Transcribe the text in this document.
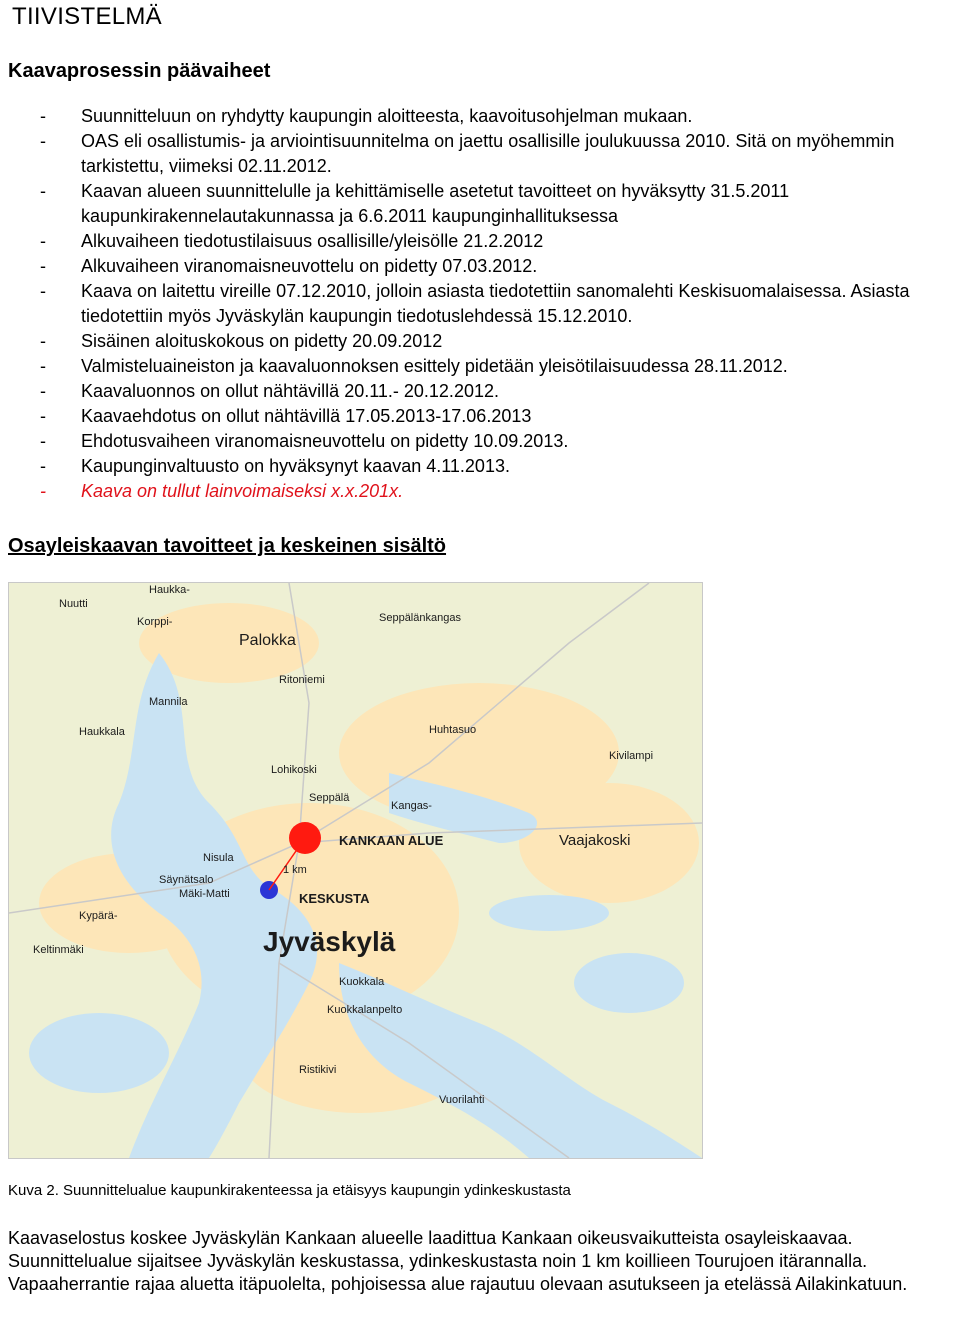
TIIVISTELMÄ
Kaavaprosessin päävaiheet
-	Suunnitteluun on ryhdytty kaupungin aloitteesta, kaavoitusohjelman mukaan.
-	OAS eli osallistumis- ja arviointisuunnitelma on jaettu osallisille joulukuussa 2010. Sitä on myöhemmin tarkistettu, viimeksi 02.11.2012.
-	Kaavan alueen suunnittelulle ja kehittämiselle asetetut tavoitteet on hyväksytty 31.5.2011 kaupunkirakennelautakunnassa ja 6.6.2011 kaupunginhallituksessa
-	Alkuvaiheen tiedotustilaisuus osallisille/yleisölle 21.2.2012
-	Alkuvaiheen viranomaisneuvottelu on pidetty 07.03.2012.
-	Kaava on laitettu vireille 07.12.2010, jolloin asiasta tiedotettiin sanomalehti Keskisuomalaisessa. Asiasta tiedotettiin myös Jyväskylän kaupungin tiedotuslehdessä 15.12.2010.
-	Sisäinen aloituskokous on pidetty 20.09.2012
-	Valmisteluaineiston ja kaavaluonnoksen esittely pidetään yleisötilaisuudessa 28.11.2012.
-	Kaavaluonnos on ollut nähtävillä 20.11.- 20.12.2012.
-	Kaavaehdotus on ollut nähtävillä 17.05.2013-17.06.2013
-	Ehdotusvaiheen viranomaisneuvottelu on pidetty 10.09.2013.
-	Kaupunginvaltuusto on hyväksynyt kaavan 4.11.2013.
-	Kaava on tullut lainvoimaiseksi x.x.201x.
Osayleiskaavan tavoitteet ja keskeinen sisältö
KANKAAN ALUE
1 km
KESKUSTA
Jyväskylä
Haukka-
Nuutti
Korppi-
Palokka
Seppälänkangas
Ritoniemi
Mannila
Haukkala
Lohikoski
Huhtasuo
Kivilampi
Seppälä
Kangas-
Vaajakoski
Nisula
Säynätsalo
Mäki-Matti
Kypärä-
Keltinmäki
Kuokkala
Kuokkalanpelto
Ristikivi
Vuorilahti

Kuva 2. Suunnittelualue kaupunkirakenteessa ja etäisyys kaupungin ydinkeskustasta

Kaavaselostus koskee Jyväskylän Kankaan alueelle laadittua Kankaan oikeusvaikutteista osayleiskaavaa. Suunnittelualue sijaitsee Jyväskylän keskustassa, ydinkeskustasta noin 1 km koillieen Tourujoen itärannalla. Vapaaherrantie rajaa aluetta itäpuolelta, pohjoisessa alue rajautuu olevaan asutukseen ja etelässä Ailakinkatuun.
